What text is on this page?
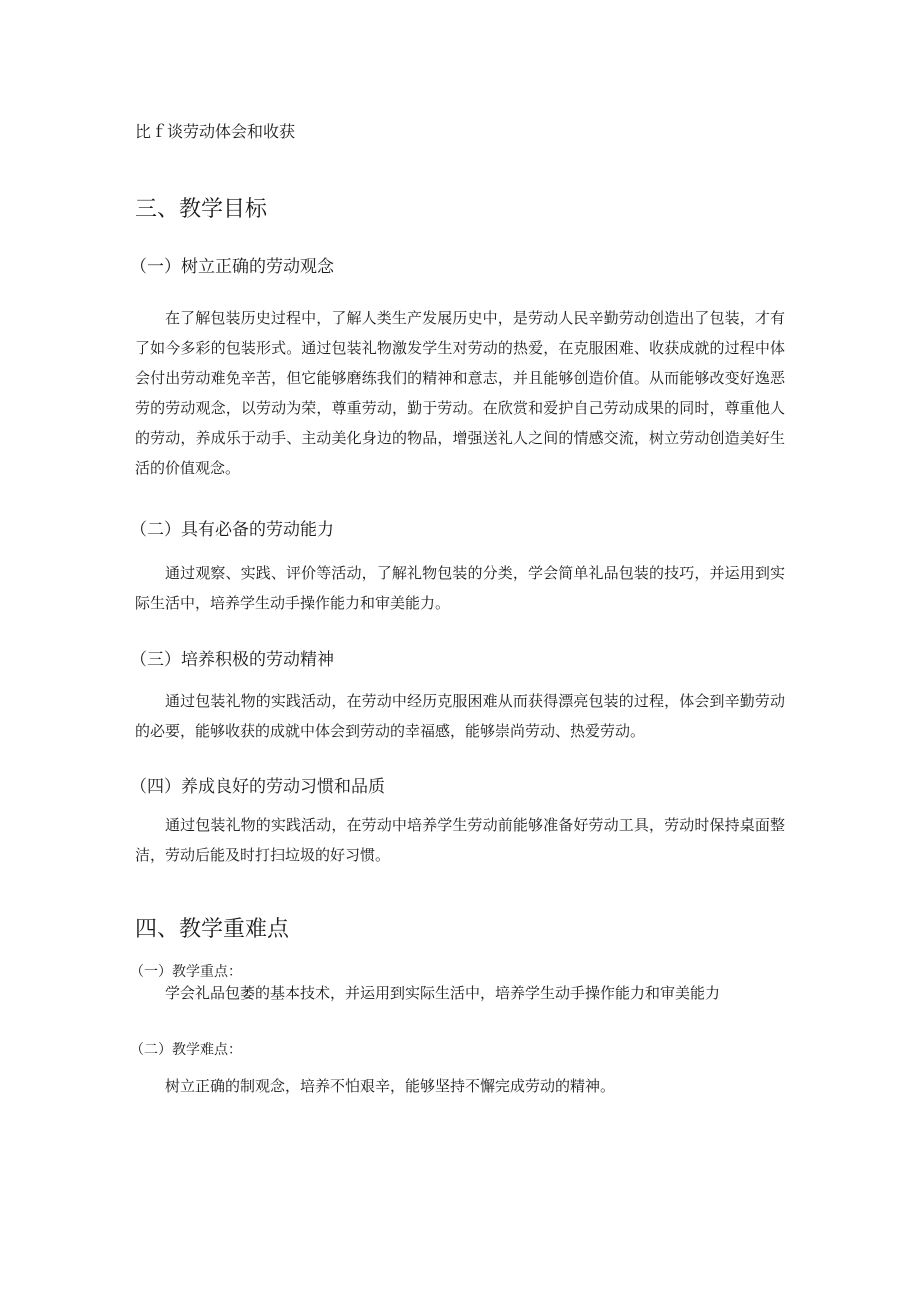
比ｆ谈劳动体会和收获

三、教学目标
（一）树立正确的劳动观念

在了解包装历史过程中，了解人类生产发展历史中，是劳动人民辛勤劳动创造出了包装，才有了如今多彩的包装形式。通过包装礼物激发学生对劳动的热爱，在克服困难、收获成就的过程中体会付出劳动难免辛苦，但它能够磨练我们的精神和意志，并且能够创造价值。从而能够改变好逸恶劳的劳动观念，以劳动为荣，尊重劳动，勤于劳动。在欣赏和爱护自己劳动成果的同时，尊重他人的劳动，养成乐于动手、主动美化身边的物品，增强送礼人之间的情感交流，树立劳动创造美好生活的价值观念。

（二）具有必备的劳动能力

通过观察、实践、评价等活动，了解礼物包装的分类，学会简单礼品包装的技巧，并运用到实际生活中，培养学生动手操作能力和审美能力。

（三）培养积极的劳动精神

通过包装礼物的实践活动，在劳动中经历克服困难从而获得漂亮包装的过程，体会到辛勤劳动的必要，能够收获的成就中体会到劳动的幸福感，能够崇尚劳动、热爱劳动。

（四）养成良好的劳动习惯和品质

通过包装礼物的实践活动，在劳动中培养学生劳动前能够准备好劳动工具，劳动时保持桌面整洁，劳动后能及时打扫垃圾的好习惯。

四、教学重难点

（一）教学重点：

学会礼品包萎的基本技术，并运用到实际生活中，培养学生动手操作能力和审美能力

（二）教学难点：

树立正确的制观念，培养不怕艰辛，能够坚持不懈完成劳动的精神。
